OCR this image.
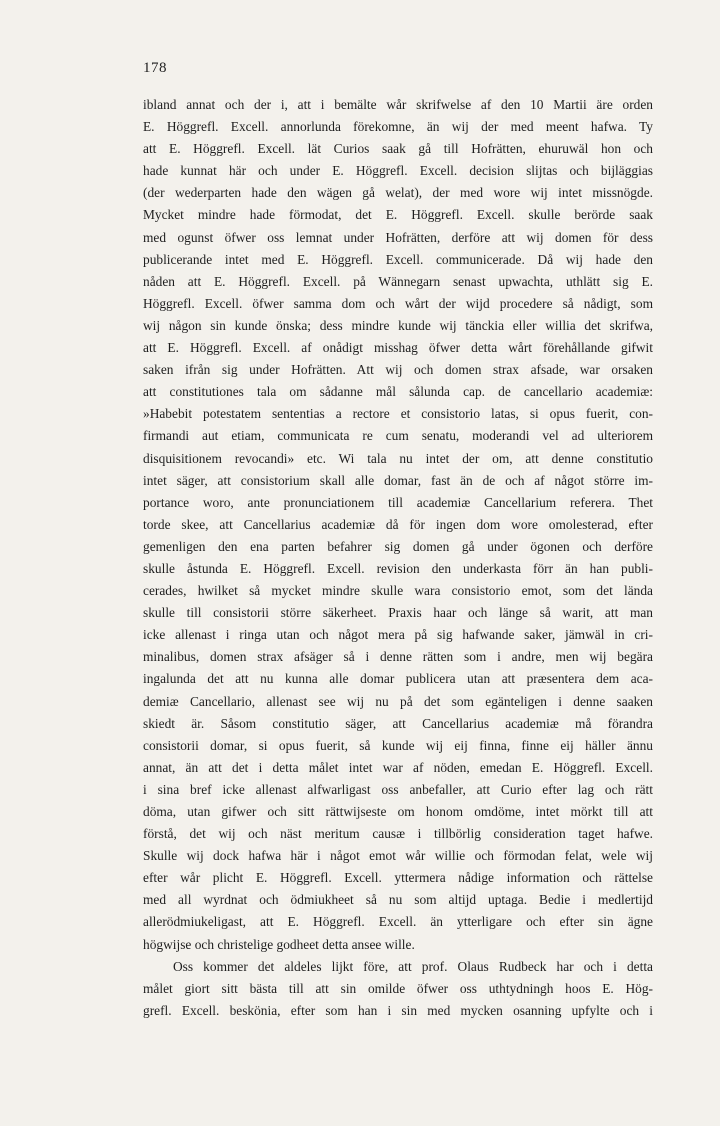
178
ibland annat och der i, att i bemälte wår skrifwelse af den 10 Martii äre orden
E. Höggrefl. Excell. annorlunda förekomne, än wij der med meent hafwa. Ty
att E. Höggrefl. Excell. lät Curios saak gå till Hofrätten, ehuruwäl hon och
hade kunnat här och under E. Höggrefl. Excell. decision slijtas och bijläggias
(der wederparten hade den wägen gå welat), der med wore wij intet missnögde.
Mycket mindre hade förmodat, det E. Höggrefl. Excell. skulle berörde saak
med ogunst öfwer oss lemnat under Hofrätten, derföre att wij domen för dess
publicerande intet med E. Höggrefl. Excell. communicerade. Då wij hade den
nåden att E. Höggrefl. Excell. på Wännegarn senast upwachta, uthlätt sig E.
Höggrefl. Excell. öfwer samma dom och wårt der wijd procedere så nådigt, som
wij någon sin kunde önska; dess mindre kunde wij tänckia eller willia det skrifwa,
att E. Höggrefl. Excell. af onådigt misshag öfwer detta wårt förehållande gifwit
saken ifrån sig under Hofrätten. Att wij och domen strax afsade, war orsaken
att constitutiones tala om sådanne mål sålunda cap. de cancellario academiæ:
»Habebit potestatem sententias a rectore et consistorio latas, si opus fuerit, con-
firmandi aut etiam, communicata re cum senatu, moderandi vel ad ulteriorem
disquisitionem revocandi» etc. Wi tala nu intet der om, att denne constitutio
intet säger, att consistorium skall alle domar, fast än de och af något större im-
portance woro, ante pronunciationem till academiæ Cancellarium referera. Thet
torde skee, att Cancellarius academiæ då för ingen dom wore omolesterad, efter
gemenligen den ena parten befahrer sig domen gå under ögonen och derföre
skulle åstunda E. Höggrefl. Excell. revision den underkasta förr än han publi-
cerades, hwilket så mycket mindre skulle wara consistorio emot, som det lända
skulle till consistorii större säkerheet. Praxis haar och länge så warit, att man
icke allenast i ringa utan och något mera på sig hafwande saker, jämwäl in cri-
minalibus, domen strax afsäger så i denne rätten som i andre, men wij begära
ingalunda det att nu kunna alle domar publicera utan att præsentera dem aca-
demiæ Cancellario, allenast see wij nu på det som egänteligen i denne saaken
skiedt är. Såsom constitutio säger, att Cancellarius academiæ må förandra
consistorii domar, si opus fuerit, så kunde wij eij finna, finne eij häller ännu
annat, än att det i detta målet intet war af nöden, emedan E. Höggrefl. Excell.
i sina bref icke allenast alfwarligast oss anbefaller, att Curio efter lag och rätt
döma, utan gifwer och sitt rättwijseste om honom omdöme, intet mörkt till att
förstå, det wij och näst meritum causæ i tillbörlig consideration taget hafwe.
Skulle wij dock hafwa här i något emot wår willie och förmodan felat, wele wij
efter wår plicht E. Höggrefl. Excell. yttermera nådige information och rättelse
med all wyrdnat och ödmiukheet så nu som altijd uptaga. Bedie i medlertijd
allerödmiukeligast, att E. Höggrefl. Excell. än ytterligare och efter sin ägne
högwijse och christelige godheet detta ansee wille.
Oss kommer det aldeles lijkt före, att prof. Olaus Rudbeck har och i detta
målet giort sitt bästa till att sin omilde öfwer oss uthtydningh hoos E. Hög-
grefl. Excell. beskönia, efter som han i sin med mycken osanning upfylte och i
